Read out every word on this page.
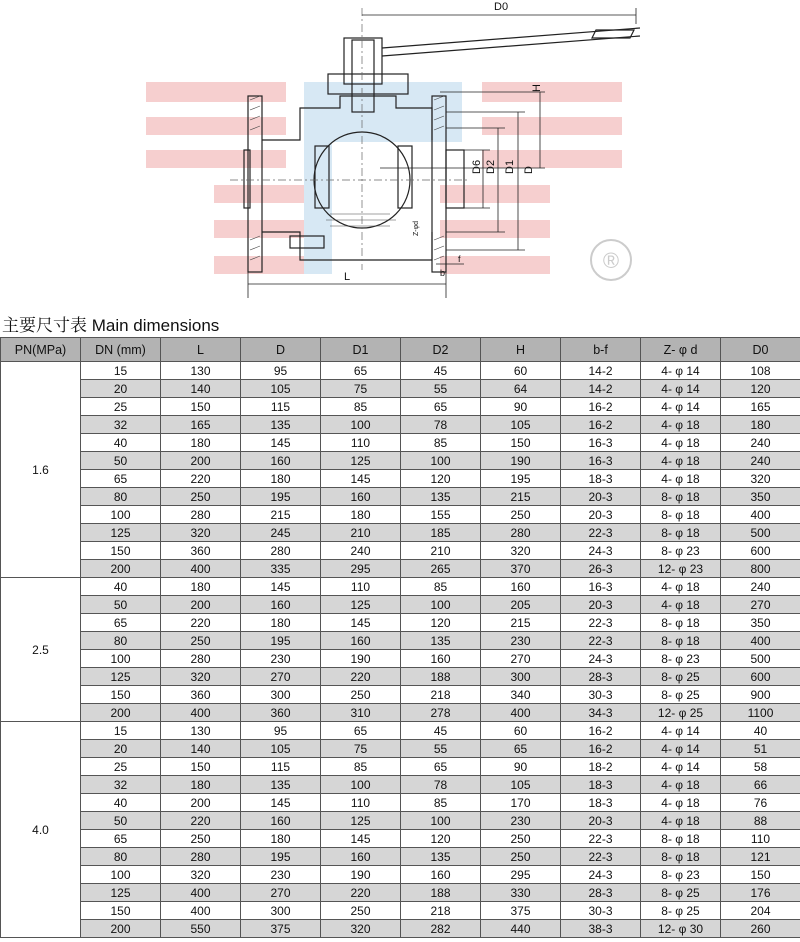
D0
H
D6 D2 D1 D
L	b
f
Z-φd
®
主要尺寸表 Main dimensions
PN(MPa)	DN (mm)	L	D	D1	D2	H	b-f	Z- φ d	D0
1.6	15	130	95	65	45	60	14-2	4- φ 14	108
	20	140	105	75	55	64	14-2	4- φ 14	120
	25	150	115	85	65	90	16-2	4- φ 14	165
	32	165	135	100	78	105	16-2	4- φ 18	180
	40	180	145	110	85	150	16-3	4- φ 18	240
	50	200	160	125	100	190	16-3	4- φ 18	240
	65	220	180	145	120	195	18-3	4- φ 18	320
	80	250	195	160	135	215	20-3	8- φ 18	350
	100	280	215	180	155	250	20-3	8- φ 18	400
	125	320	245	210	185	280	22-3	8- φ 18	500
	150	360	280	240	210	320	24-3	8- φ 23	600
	200	400	335	295	265	370	26-3	12- φ 23	800
2.5	40	180	145	110	85	160	16-3	4- φ 18	240
	50	200	160	125	100	205	20-3	4- φ 18	270
	65	220	180	145	120	215	22-3	8- φ 18	350
	80	250	195	160	135	230	22-3	8- φ 18	400
	100	280	230	190	160	270	24-3	8- φ 23	500
	125	320	270	220	188	300	28-3	8- φ 25	600
	150	360	300	250	218	340	30-3	8- φ 25	900
	200	400	360	310	278	400	34-3	12- φ 25	1100
4.0	15	130	95	65	45	60	16-2	4- φ 14	40
	20	140	105	75	55	65	16-2	4- φ 14	51
	25	150	115	85	65	90	18-2	4- φ 14	58
	32	180	135	100	78	105	18-3	4- φ 18	66
	40	200	145	110	85	170	18-3	4- φ 18	76
	50	220	160	125	100	230	20-3	4- φ 18	88
	65	250	180	145	120	250	22-3	8- φ 18	110
	80	280	195	160	135	250	22-3	8- φ 18	121
	100	320	230	190	160	295	24-3	8- φ 23	150
	125	400	270	220	188	330	28-3	8- φ 25	176
	150	400	300	250	218	375	30-3	8- φ 25	204
	200	550	375	320	282	440	38-3	12- φ 30	260
